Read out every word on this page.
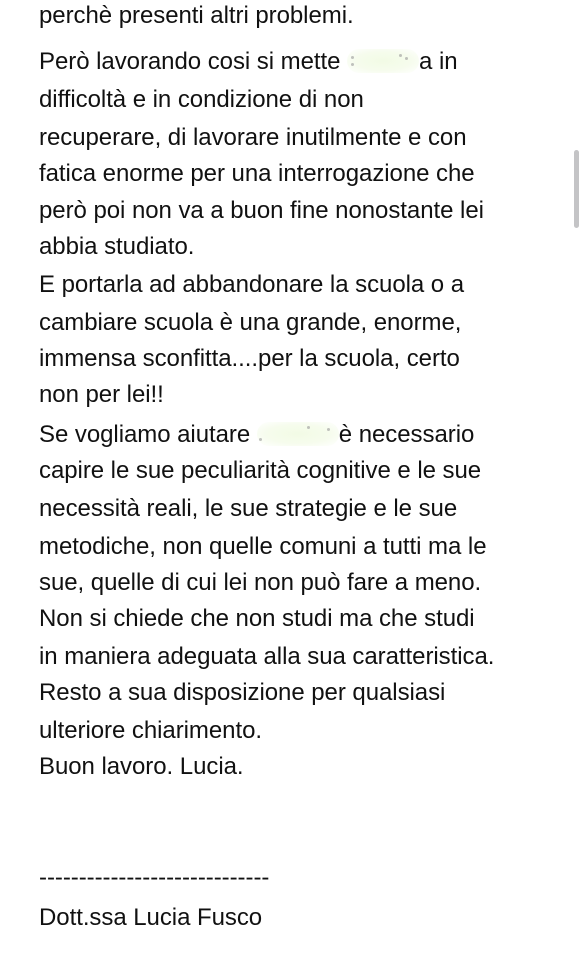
perchè presenti altri problemi.

Però lavorando cosi si mette	a in

difficoltà e in condizione di non

recuperare, di lavorare inutilmente e con

fatica enorme per una interrogazione che

però poi non va a buon fine nonostante lei

abbia studiato.

E portarla ad abbandonare la scuola o a

cambiare scuola è una grande, enorme,

immensa sconfitta....per la scuola, certo

non per lei!!

Se vogliamo aiutare	è necessario

capire le sue peculiarità cognitive e le sue

necessità reali, le sue strategie e le sue

metodiche, non quelle comuni a tutti ma le

sue, quelle di cui lei non può fare a meno.

Non si chiede che non studi ma che studi

in maniera adeguata alla sua caratteristica.

Resto a sua disposizione per qualsiasi

ulteriore chiarimento.

Buon lavoro. Lucia.

-----------------------------

Dott.ssa Lucia Fusco
